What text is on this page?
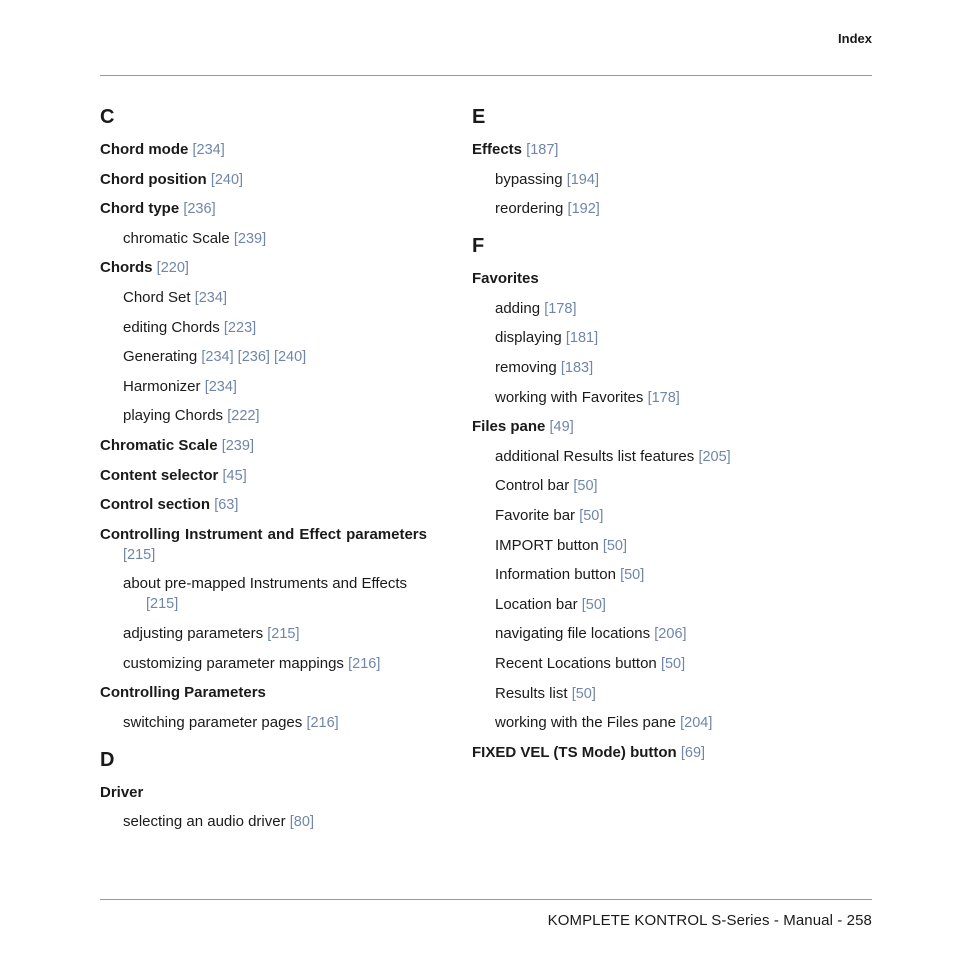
Index
C
Chord mode [234]
Chord position [240]
Chord type [236]
chromatic Scale [239]
Chords [220]
Chord Set [234]
editing Chords [223]
Generating [234] [236] [240]
Harmonizer [234]
playing Chords [222]
Chromatic Scale [239]
Content selector [45]
Control section [63]
Controlling Instrument and Effect parameters
[215]
about pre-mapped Instruments and Effects
[215]
adjusting parameters [215]
customizing parameter mappings [216]
Controlling Parameters
switching parameter pages [216]
D
Driver
selecting an audio driver [80]
E
Effects [187]
bypassing [194]
reordering [192]
F
Favorites
adding [178]
displaying [181]
removing [183]
working with Favorites [178]
Files pane [49]
additional Results list features [205]
Control bar [50]
Favorite bar [50]
IMPORT button [50]
Information button [50]
Location bar [50]
navigating file locations [206]
Recent Locations button [50]
Results list [50]
working with the Files pane [204]
FIXED VEL (TS Mode) button [69]
KOMPLETE KONTROL S-Series - Manual - 258
